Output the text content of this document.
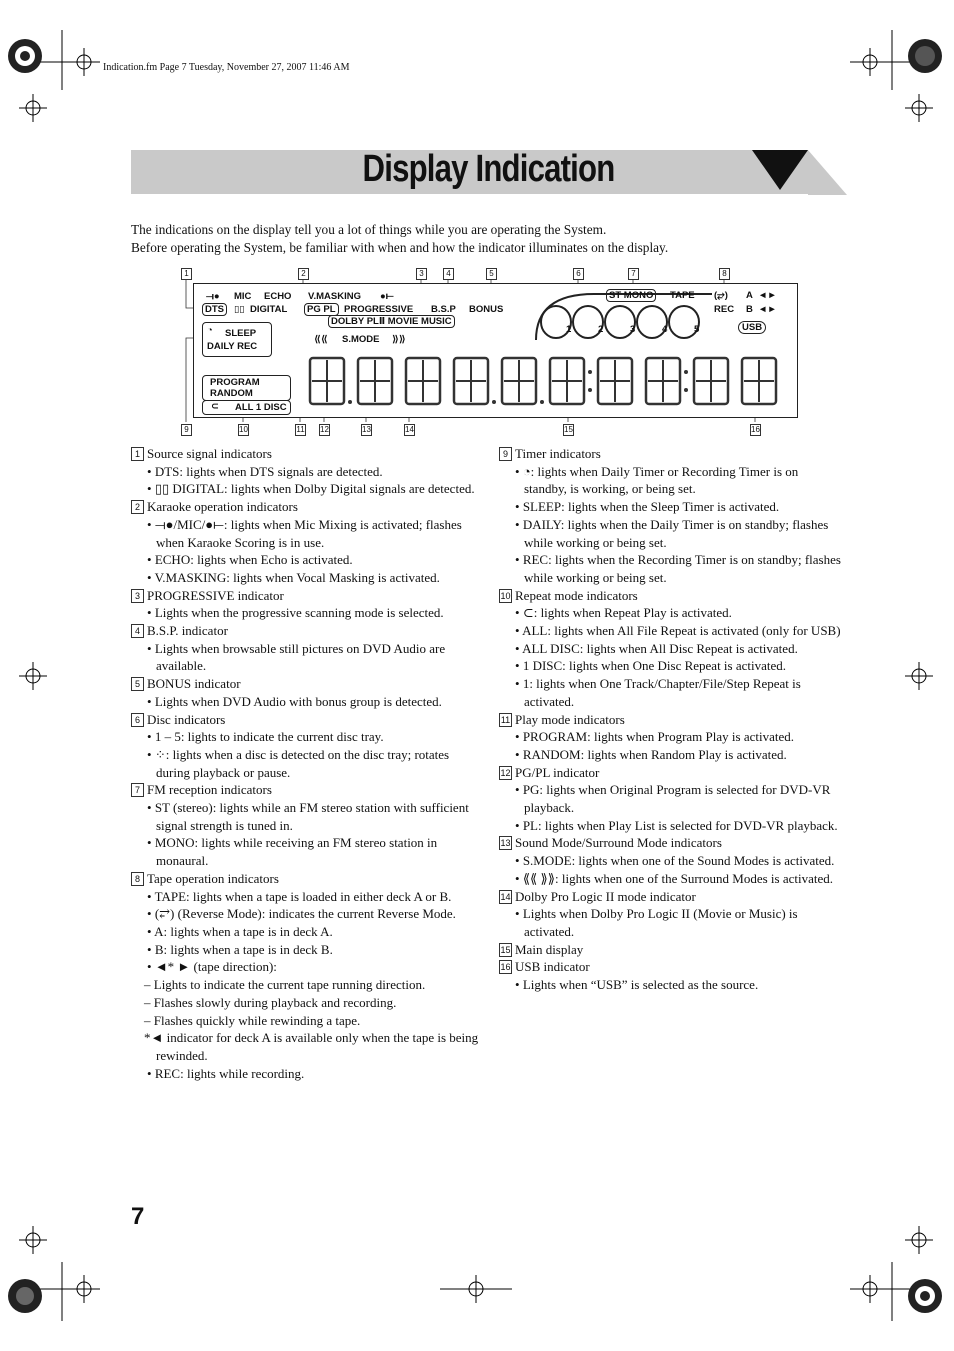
Indication.fm Page 7 Tuesday, November 27, 2007 11:46 AM
Display Indication
The indications on the display tell you a lot of things while you are operating the System.
Before operating the System, be familiar with when and how the indicator illuminates on the display.
1	2	3	4	5	6	7	8
9	10	11 12	13	14	15	16
⟞● MIC ECHO V.MASKING ●⟝
DTS	▯▯ DIGITAL	PG PL PROGRESSIVE B.S.P BONUS
DOLBY PLⅡ MOVIE MUSIC
◔ SLEEP
DAILY REC
⟪⟪ S.MODE ⟫⟫
PROGRAM
RANDOM
⊂ ALL 1 DISC
1	2	3	4	5
ST MONO	TAPE (⥂) A ◄►
REC B ◄►
USB
1 Source signal indicators
• DTS: lights when DTS signals are detected.
• ▯▯ DIGITAL: lights when Dolby Digital signals are detected.
2 Karaoke operation indicators
• ⟞●/MIC/●⟝: lights when Mic Mixing is activated; flashes when Karaoke Scoring is in use.
• ECHO: lights when Echo is activated.
• V.MASKING: lights when Vocal Masking is activated.
3 PROGRESSIVE indicator
• Lights when the progressive scanning mode is selected.
4 B.S.P. indicator
• Lights when browsable still pictures on DVD Audio are available.
5 BONUS indicator
• Lights when DVD Audio with bonus group is detected.
6 Disc indicators
• 1 – 5: lights to indicate the current disc tray.
• ⁘: lights when a disc is detected on the disc tray; rotates during playback or pause.
7 FM reception indicators
• ST (stereo): lights while an FM stereo station with sufficient signal strength is tuned in.
• MONO: lights while receiving an FM stereo station in monaural.
8 Tape operation indicators
• TAPE: lights when a tape is loaded in either deck A or B.
• (⥂) (Reverse Mode): indicates the current Reverse Mode.
• A: lights when a tape is in deck A.
• B: lights when a tape is in deck B.
• ◄* ► (tape direction):
– Lights to indicate the current tape running direction.
– Flashes slowly during playback and recording.
– Flashes quickly while rewinding a tape.
*◄ indicator for deck A is available only when the tape is being rewinded.
• REC: lights while recording.
9 Timer indicators
• ◔: lights when Daily Timer or Recording Timer is on standby, is working, or being set.
• SLEEP: lights when the Sleep Timer is activated.
• DAILY: lights when the Daily Timer is on standby; flashes while working or being set.
• REC: lights when the Recording Timer is on standby; flashes while working or being set.
10 Repeat mode indicators
• ⊂: lights when Repeat Play is activated.
• ALL: lights when All File Repeat is activated (only for USB)
• ALL DISC: lights when All Disc Repeat is activated.
• 1 DISC: lights when One Disc Repeat is activated.
• 1: lights when One Track/Chapter/File/Step Repeat is activated.
11 Play mode indicators
• PROGRAM: lights when Program Play is activated.
• RANDOM: lights when Random Play is activated.
12 PG/PL indicator
• PG: lights when Original Program is selected for DVD-VR playback.
• PL: lights when Play List is selected for DVD-VR playback.
13 Sound Mode/Surround Mode indicators
• S.MODE: lights when one of the Sound Modes is activated.
• ⟪⟪ ⟫⟫: lights when one of the Surround Modes is activated.
14 Dolby Pro Logic II mode indicator
• Lights when Dolby Pro Logic II (Movie or Music) is activated.
15 Main display
16 USB indicator
• Lights when “USB” is selected as the source.
7
